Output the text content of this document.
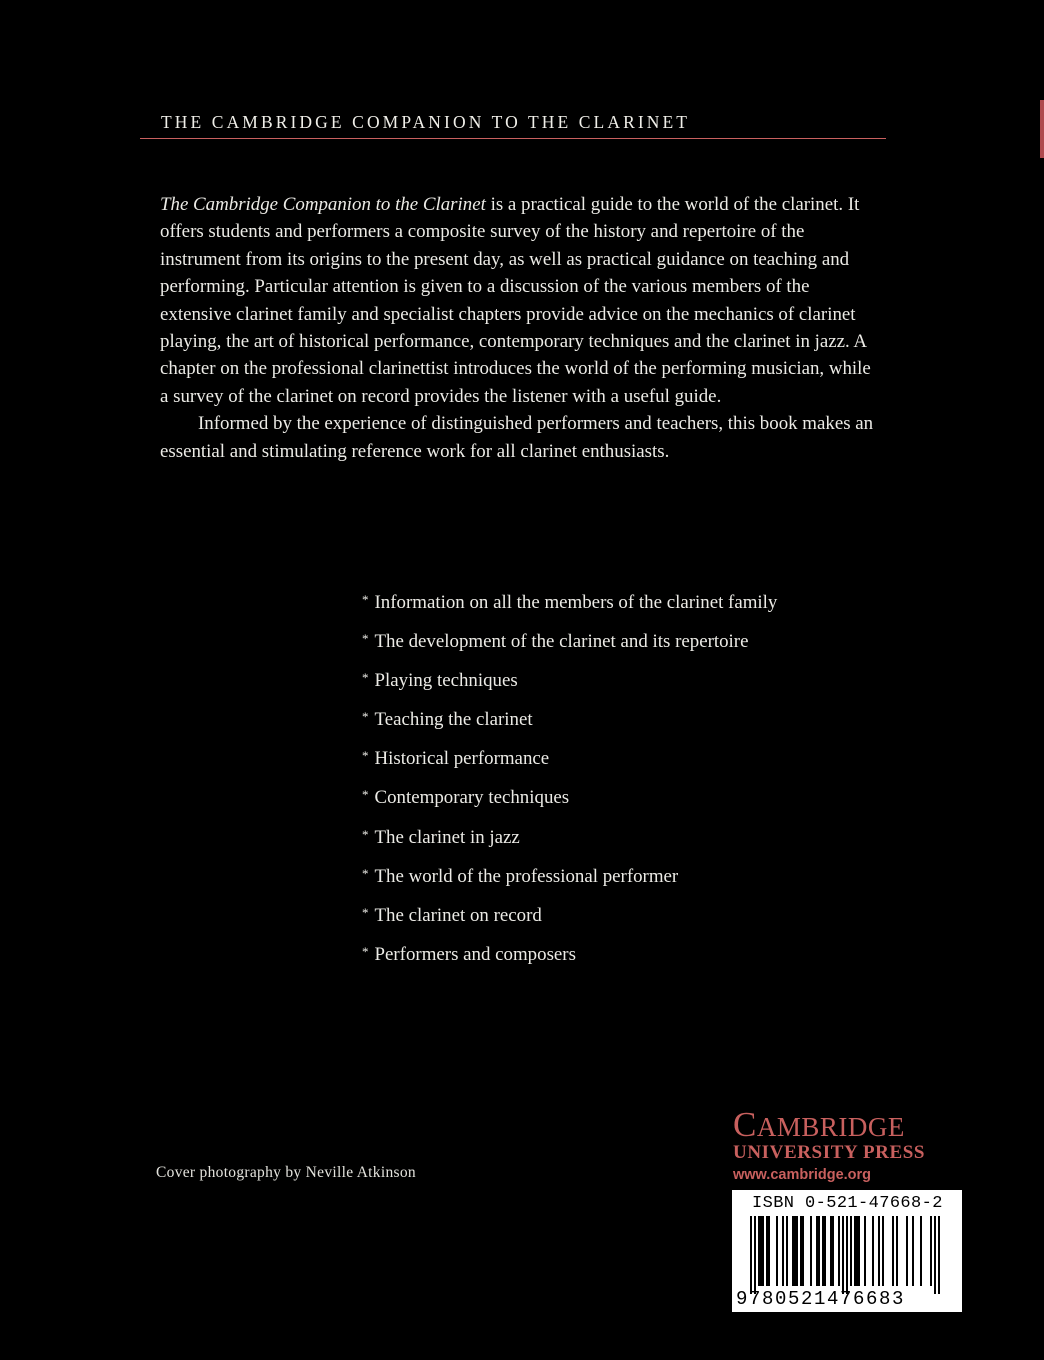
THE CAMBRIDGE COMPANION TO THE CLARINET

The Cambridge Companion to the Clarinet is a practical guide to the world of the clarinet. It offers students and performers a composite survey of the history and repertoire of the instrument from its origins to the present day, as well as practical guidance on teaching and performing. Particular attention is given to a discussion of the various members of the extensive clarinet family and specialist chapters provide advice on the mechanics of clarinet playing, the art of historical performance, contemporary techniques and the clarinet in jazz. A chapter on the professional clarinettist introduces the world of the performing musician, while a survey of the clarinet on record provides the listener with a useful guide.

Informed by the experience of distinguished performers and teachers, this book makes an essential and stimulating reference work for all clarinet enthusiasts.

* Information on all the members of the clarinet family
* The development of the clarinet and its repertoire
* Playing techniques
* Teaching the clarinet
* Historical performance
* Contemporary techniques
* The clarinet in jazz
* The world of the professional performer
* The clarinet on record
* Performers and composers
Cover photography by Neville Atkinson
CAMBRIDGE
UNIVERSITY PRESS
www.cambridge.org
ISBN 0-521-47668-2
9780521476683
